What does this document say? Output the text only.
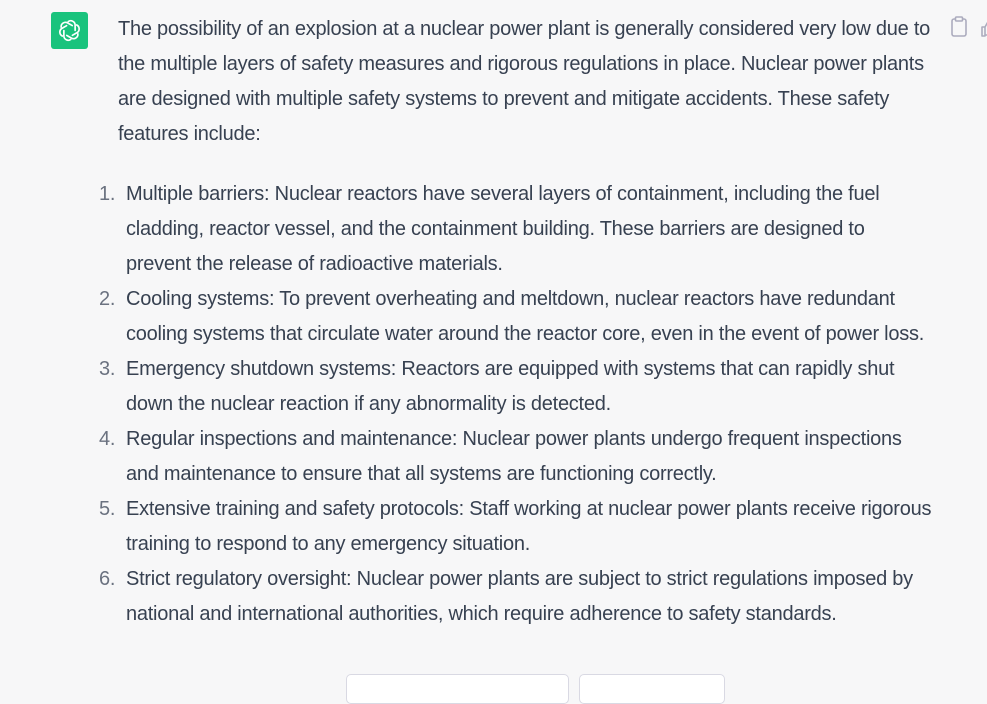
The possibility of an explosion at a nuclear power plant is generally considered very low due to the multiple layers of safety measures and rigorous regulations in place. Nuclear power plants are designed with multiple safety systems to prevent and mitigate accidents. These safety features include:

1. Multiple barriers: Nuclear reactors have several layers of containment, including the fuel cladding, reactor vessel, and the containment building. These barriers are designed to prevent the release of radioactive materials.
2. Cooling systems: To prevent overheating and meltdown, nuclear reactors have redundant cooling systems that circulate water around the reactor core, even in the event of power loss.
3. Emergency shutdown systems: Reactors are equipped with systems that can rapidly shut down the nuclear reaction if any abnormality is detected.
4. Regular inspections and maintenance: Nuclear power plants undergo frequent inspections and maintenance to ensure that all systems are functioning correctly.
5. Extensive training and safety protocols: Staff working at nuclear power plants receive rigorous training to respond to any emergency situation.
6. Strict regulatory oversight: Nuclear power plants are subject to strict regulations imposed by national and international authorities, which require adherence to safety standards.
